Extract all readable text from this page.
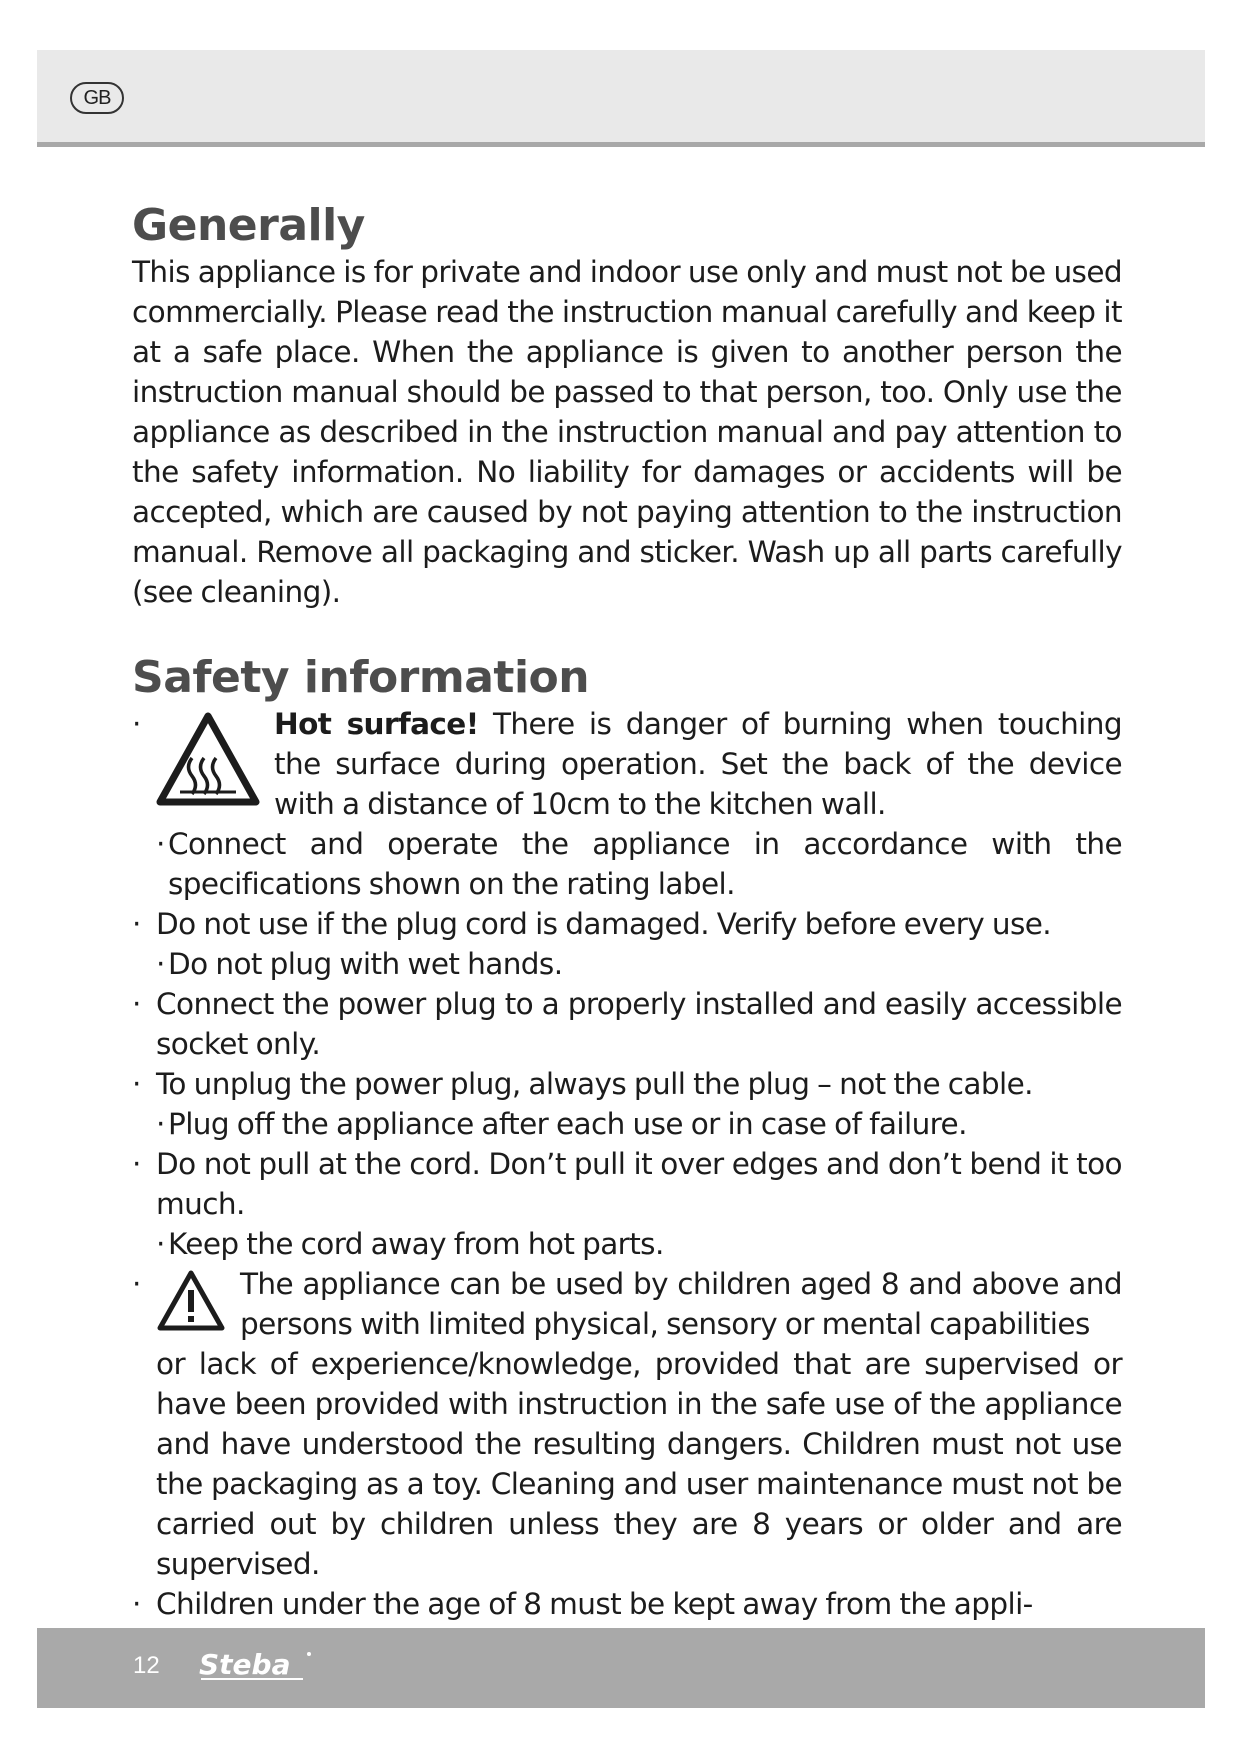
GB
Generally

This appliance is for private and indoor use only and must not be used commercially. Please read the instruction manual carefully and keep it at a safe place. When the appliance is given to another person the instruction manual should be passed to that person, too. Only use the appliance as described in the instruction manual and pay attention to the safety information. No liability for damages or accidents will be accepted, which are caused by not paying attention to the instruction manual. Remove all packaging and sticker. Wash up all parts carefully (see cleaning).

Safety information
·	Hot surface! There is danger of burning when touching the surface during operation. Set the back of the device with a distance of 10cm to the kitchen wall.
· Connect and operate the appliance in accordance with the specifications shown on the rating label.
· Do not use if the plug cord is damaged. Verify before every use.
· Do not plug with wet hands.
· Connect the power plug to a properly installed and easily accessible socket only.
· To unplug the power plug, always pull the plug – not the cable.
· Plug off the appliance after each use or in case of failure.
· Do not pull at the cord. Don’t pull it over edges and don’t bend it too much.
· Keep the cord away from hot parts.
·	The appliance can be used by children aged 8 and above and persons with limited physical, sensory or mental capabilities
or lack of experience/knowledge, provided that are supervised or have been provided with instruction in the safe use of the appliance and have understood the resulting dangers. Children must not use the packaging as a toy. Cleaning and user maintenance must not be carried out by children unless they are 8 years or older and are supervised.
· Children under the age of 8 must be kept away from the appli-
12 Steba
